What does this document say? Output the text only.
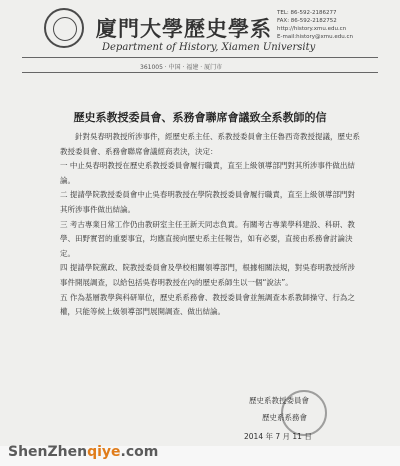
廈門大學歷史學系
Department of History, Xiamen University
TEL: 86-592-2186277
FAX: 86-592-2182752
http://history.xmu.edu.cn
E-mail:history@xmu.edu.cn
361005 · 中国 · 福建 · 厦门市
歷史系教授委員會、系務會聯席會議致全系教師的信

針對吳春明教授所涉事件，經歷史系主任、系教授委員會主任魯西奇教授提議，歷史系教授委員會、系務會聯席會議經商表決，決定：

一 中止吳春明教授在歷史系教授委員會履行職責，直至上級領導部門對其所涉事件做出結論。

二 提請學院教授委員會中止吳春明教授在學院教授委員會履行職責，直至上級領導部門對其所涉事件做出結論。

三 考古專業日常工作仍由教研室主任王新天同志負責。有關考古專業學科建設、科研、教學、田野實習的重要事宜，均應直接向歷史系主任報告，如有必要，直接由系務會討論決定。

四 提請學院黨政、院教授委員會及學校相關領導部門，根據相關法規，對吳春明教授所涉事件開展調查，以給包括吳春明教授在內的歷史系師生以一個“說法”。

五 作為基層教學與科研單位，歷史系系務會、教授委員會並無調查本系教師操守、行為之權，只能等候上級領導部門展開調查、做出結論。

歷史系教授委員會
歷史系系務會
2014 年 7 月 11 日
ShenZhenqiye.com
